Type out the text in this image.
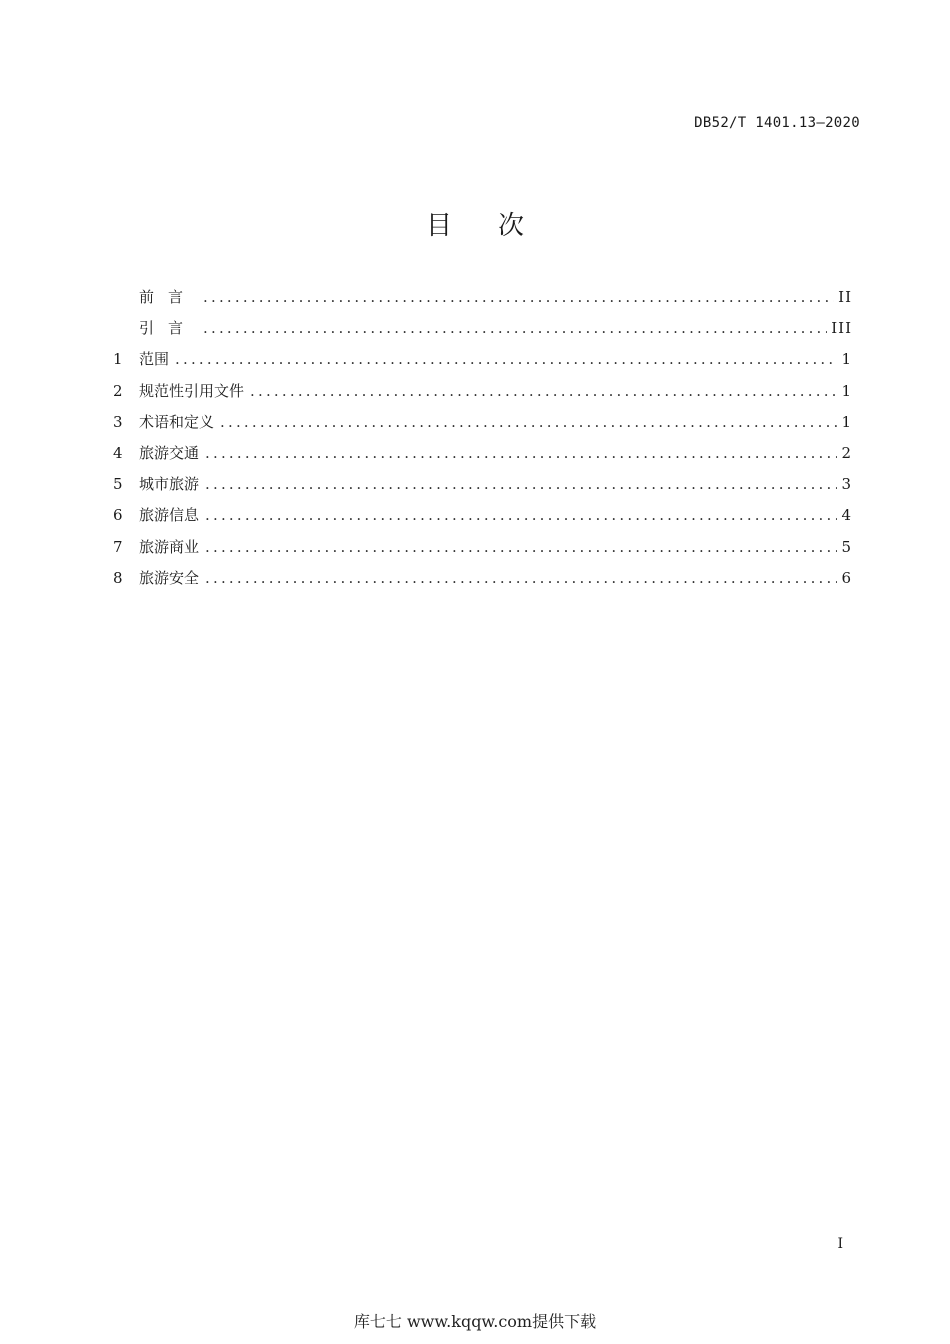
DB52/T 1401.13—2020
目次
前言 .....	II
引言 .....	III
1	范围 .....	1
2	规范性引用文件 .....	1
3	术语和定义 .....	1
4	旅游交通 .....	2
5	城市旅游 .....	3
6	旅游信息 .....	4
7	旅游商业 .....	5
8	旅游安全 .....	6
I
库七七 www.kqqw.com提供下载
